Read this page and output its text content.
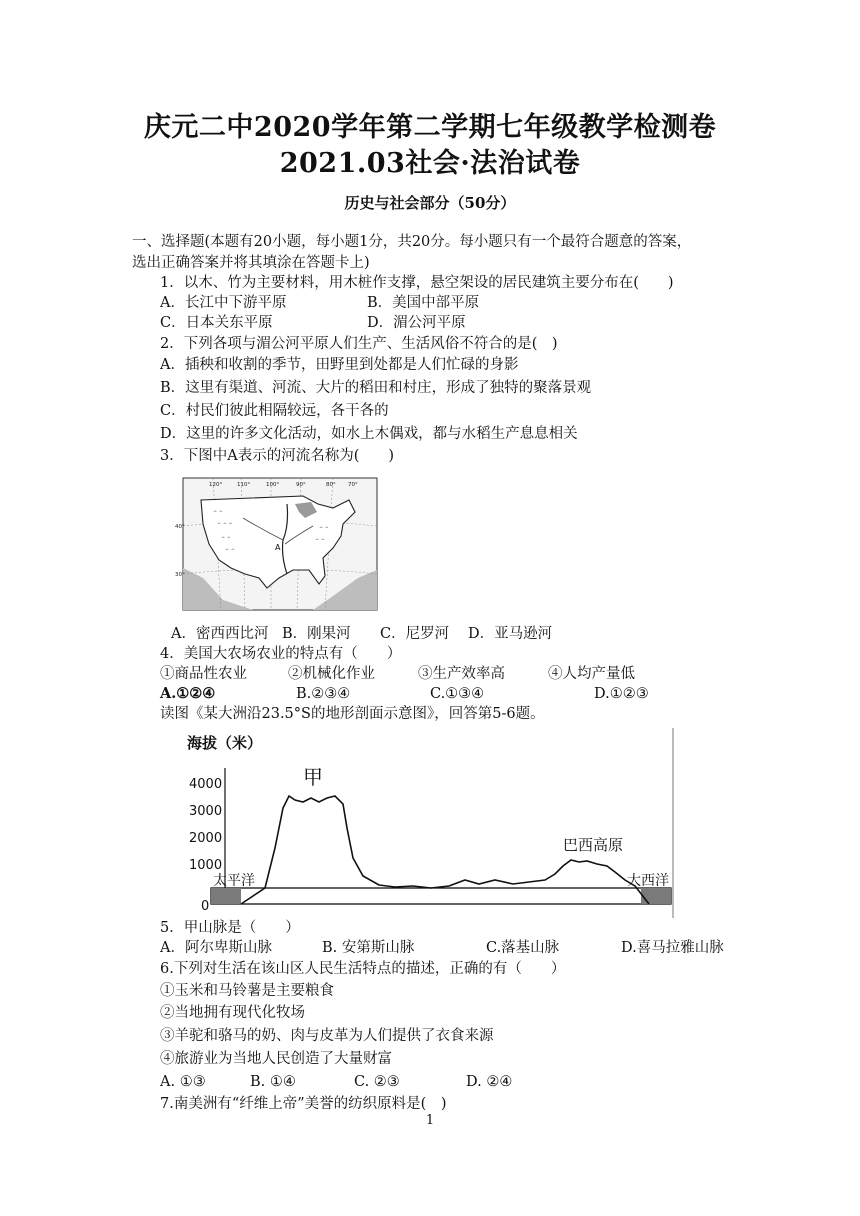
庆元二中2020学年第二学期七年级教学检测卷
2021.03社会·法治试卷
历史与社会部分（50分）
一、选择题(本题有20小题，每小题1分，共20分。每小题只有一个最符合题意的答案，
选出正确答案并将其填涂在答题卡上)
1．以木、竹为主要材料，用木桩作支撑，悬空架设的居民建筑主要分布在(　　)
A．长江中下游平原	B．美国中部平原
C．日本关东平原	D．湄公河平原
2．下列各项与湄公河平原人们生产、生活风俗不符合的是(　)
A．插秧和收割的季节，田野里到处都是人们忙碌的身影
B．这里有渠道、河流、大片的稻田和村庄，形成了独特的聚落景观
C．村民们彼此相隔较远，各干各的
D．这里的许多文化活动，如水上木偶戏，都与水稻生产息息相关
3．下图中A表示的河流名称为(　　)
^ ^
^ ^ ^
^ ^
^ ^
^ ^
^ ^
120°	110°	100°	90°	80° 70°
40°
30°
A
A．密西西比河 B．刚果河 C．尼罗河 D．亚马逊河
4．美国大农场农业的特点有（　　）
①商品性农业	②机械化作业	③生产效率高	④人均产量低
A.①②④	B.②③④	C.①③④	D.①②③
读图《某大洲沿23.5°S的地形剖面示意图》，回答第5-6题。
海拔（米）
4000
3000
2000
1000
0
甲
巴西高原
太平洋	大西洋
5．甲山脉是（　　）
A．阿尔卑斯山脉	B. 安第斯山脉	C.落基山脉	D.喜马拉雅山脉
6.下列对生活在该山区人民生活特点的描述，正确的有（　　）
①玉米和马铃薯是主要粮食
②当地拥有现代化牧场
③羊驼和骆马的奶、肉与皮革为人们提供了衣食来源
④旅游业为当地人民创造了大量财富
A. ①③	B. ①④	C. ②③	D. ②④
7.南美洲有“纤维上帝”美誉的纺织原料是(　)
1
